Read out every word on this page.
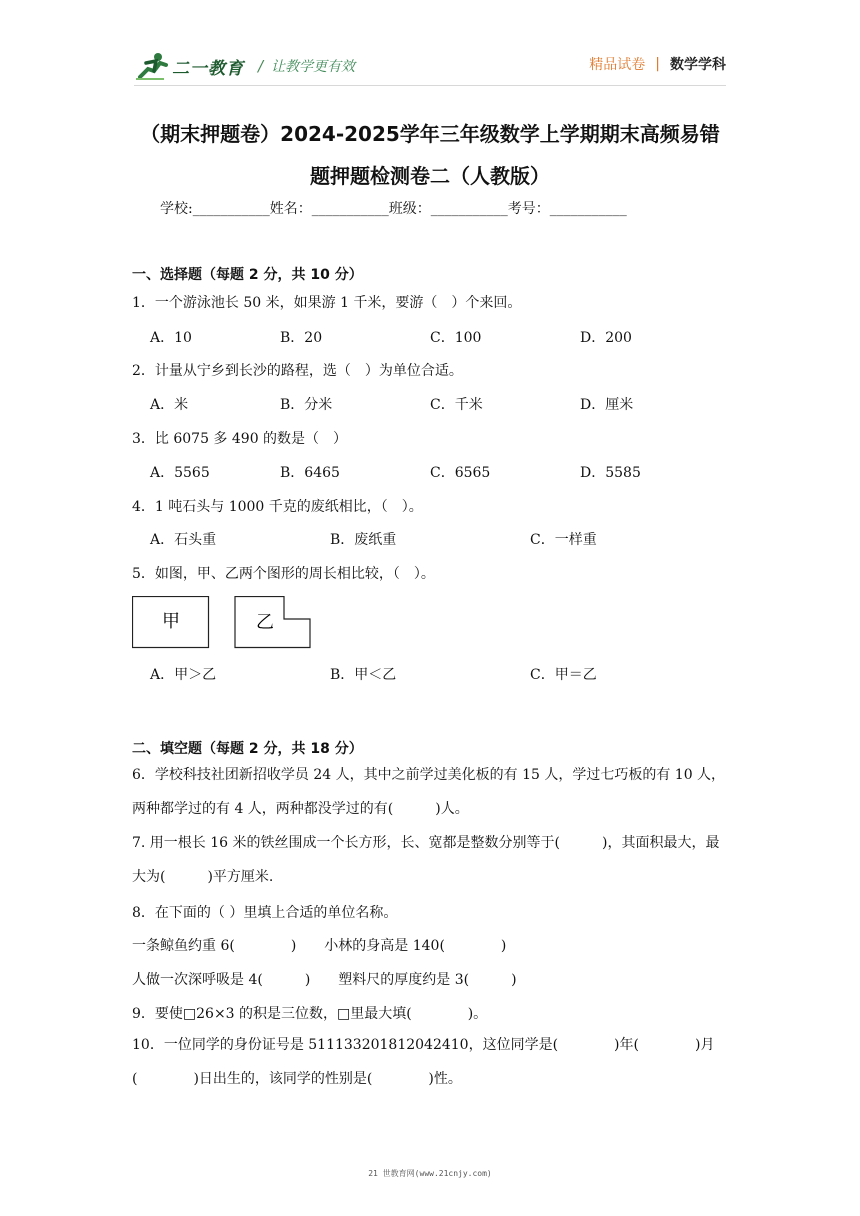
二一教育 / 让教学更有效	精品试卷 | 数学学科
（期末押题卷）2024-2025学年三年级数学上学期期末高频易错
题押题检测卷二（人教版）
学校:___________姓名：___________班级：___________考号：___________
一、选择题（每题 2 分，共 10 分）
1．一个游泳池长 50 米，如果游 1 千米，要游（　）个来回。
A．10	B．20	C．100	D．200
2．计量从宁乡到长沙的路程，选（　）为单位合适。
A．米	B．分米	C．千米	D．厘米
3．比 6075 多 490 的数是（　）
A．5565	B．6465	C．6565	D．5585
4．1 吨石头与 1000 千克的废纸相比，（　）。
A．石头重	B．废纸重	C．一样重
5．如图，甲、乙两个图形的周长相比较，（　）。
甲	乙
A．甲＞乙	B．甲＜乙	C．甲＝乙
二、填空题（每题 2 分，共 18 分）
6．学校科技社团新招收学员 24 人，其中之前学过美化板的有 15 人，学过七巧板的有 10 人，两种都学过的有 4 人，两种都没学过的有(　　　)人。
7. 用一根长 16 米的铁丝围成一个长方形，长、宽都是整数分别等于(　　　)，其面积最大，最大为(　　　)平方厘米.
8．在下面的（ ）里填上合适的单位名称。
一条鲸鱼约重 6(　　　　)　　小林的身高是 140(　　　　)
人做一次深呼吸是 4(　　　)　　塑料尺的厚度约是 3(　　　)
9．要使□26×3 的积是三位数，□里最大填(　　　　)。
10．一位同学的身份证号是 511133201812042410，这位同学是(　　　　)年(　　　　)月(　　　　)日出生的，该同学的性别是(　　　　)性。
21 世教育网(www.21cnjy.com)
